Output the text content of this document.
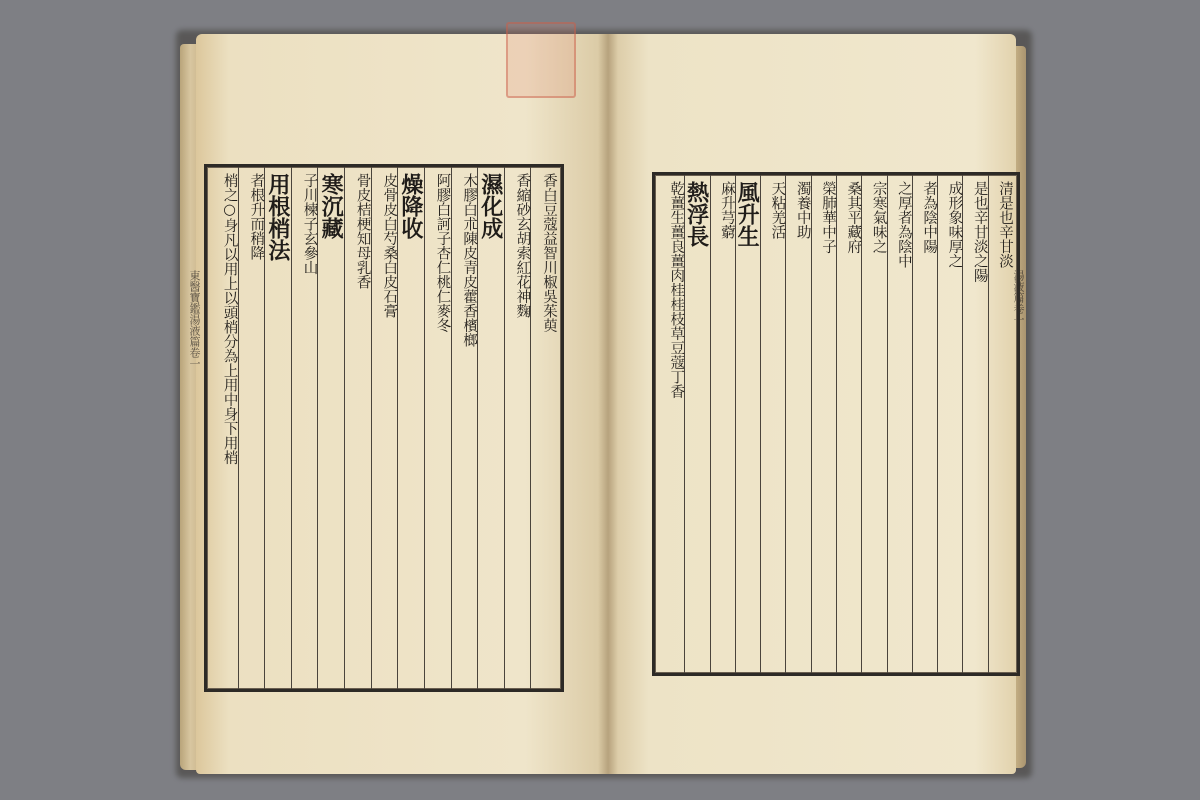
東醫寶鑑湯液篇卷一	湯液篇卷一
香白豆蔻益智川椒吳茱萸
香縮砂玄胡索紅花神麴
濕化成
木膠白朮陳皮青皮藿香檳榔
阿膠白訶子杏仁桃仁麥冬
燥降收
皮骨皮白芍桑白皮石膏
骨皮桔梗知母乳香
寒沉藏
子川楝子玄參山
用根梢法
者根升而稍降
梢之○身凡以用上以頭梢分為上用中身下用梢	清是也辛甘淡
是也辛甘淡之陽
成形象味厚之
者為陰中陽
之厚者為陰中
宗寒氣味之
桑其平藏府
榮肺華中子
濁養中助
天粘羌活
風升生
麻升芎藭
熱浮長
乾薑生薑良薑肉桂桂枝草豆蔻丁香
